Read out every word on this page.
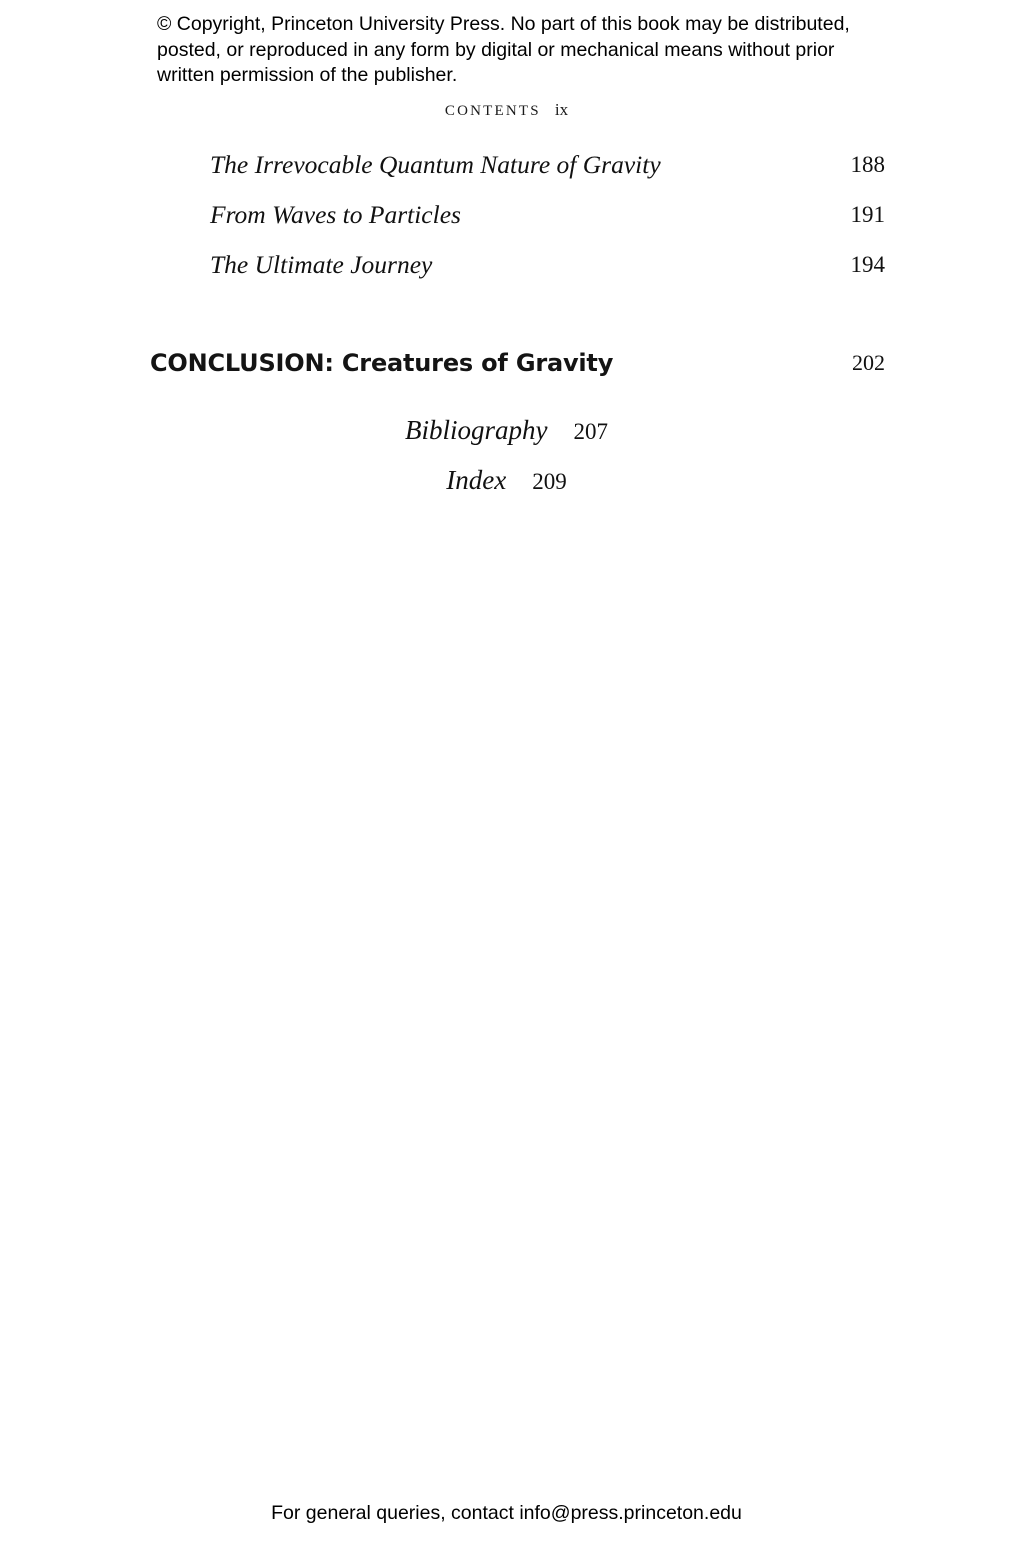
© Copyright, Princeton University Press. No part of this book may be distributed, posted, or reproduced in any form by digital or mechanical means without prior written permission of the publisher.
CONTENTS ix
The Irrevocable Quantum Nature of Gravity	188
From Waves to Particles	191
The Ultimate Journey	194
CONCLUSION: Creatures of Gravity	202
Bibliography 207
Index 209
For general queries, contact info@press.princeton.edu
